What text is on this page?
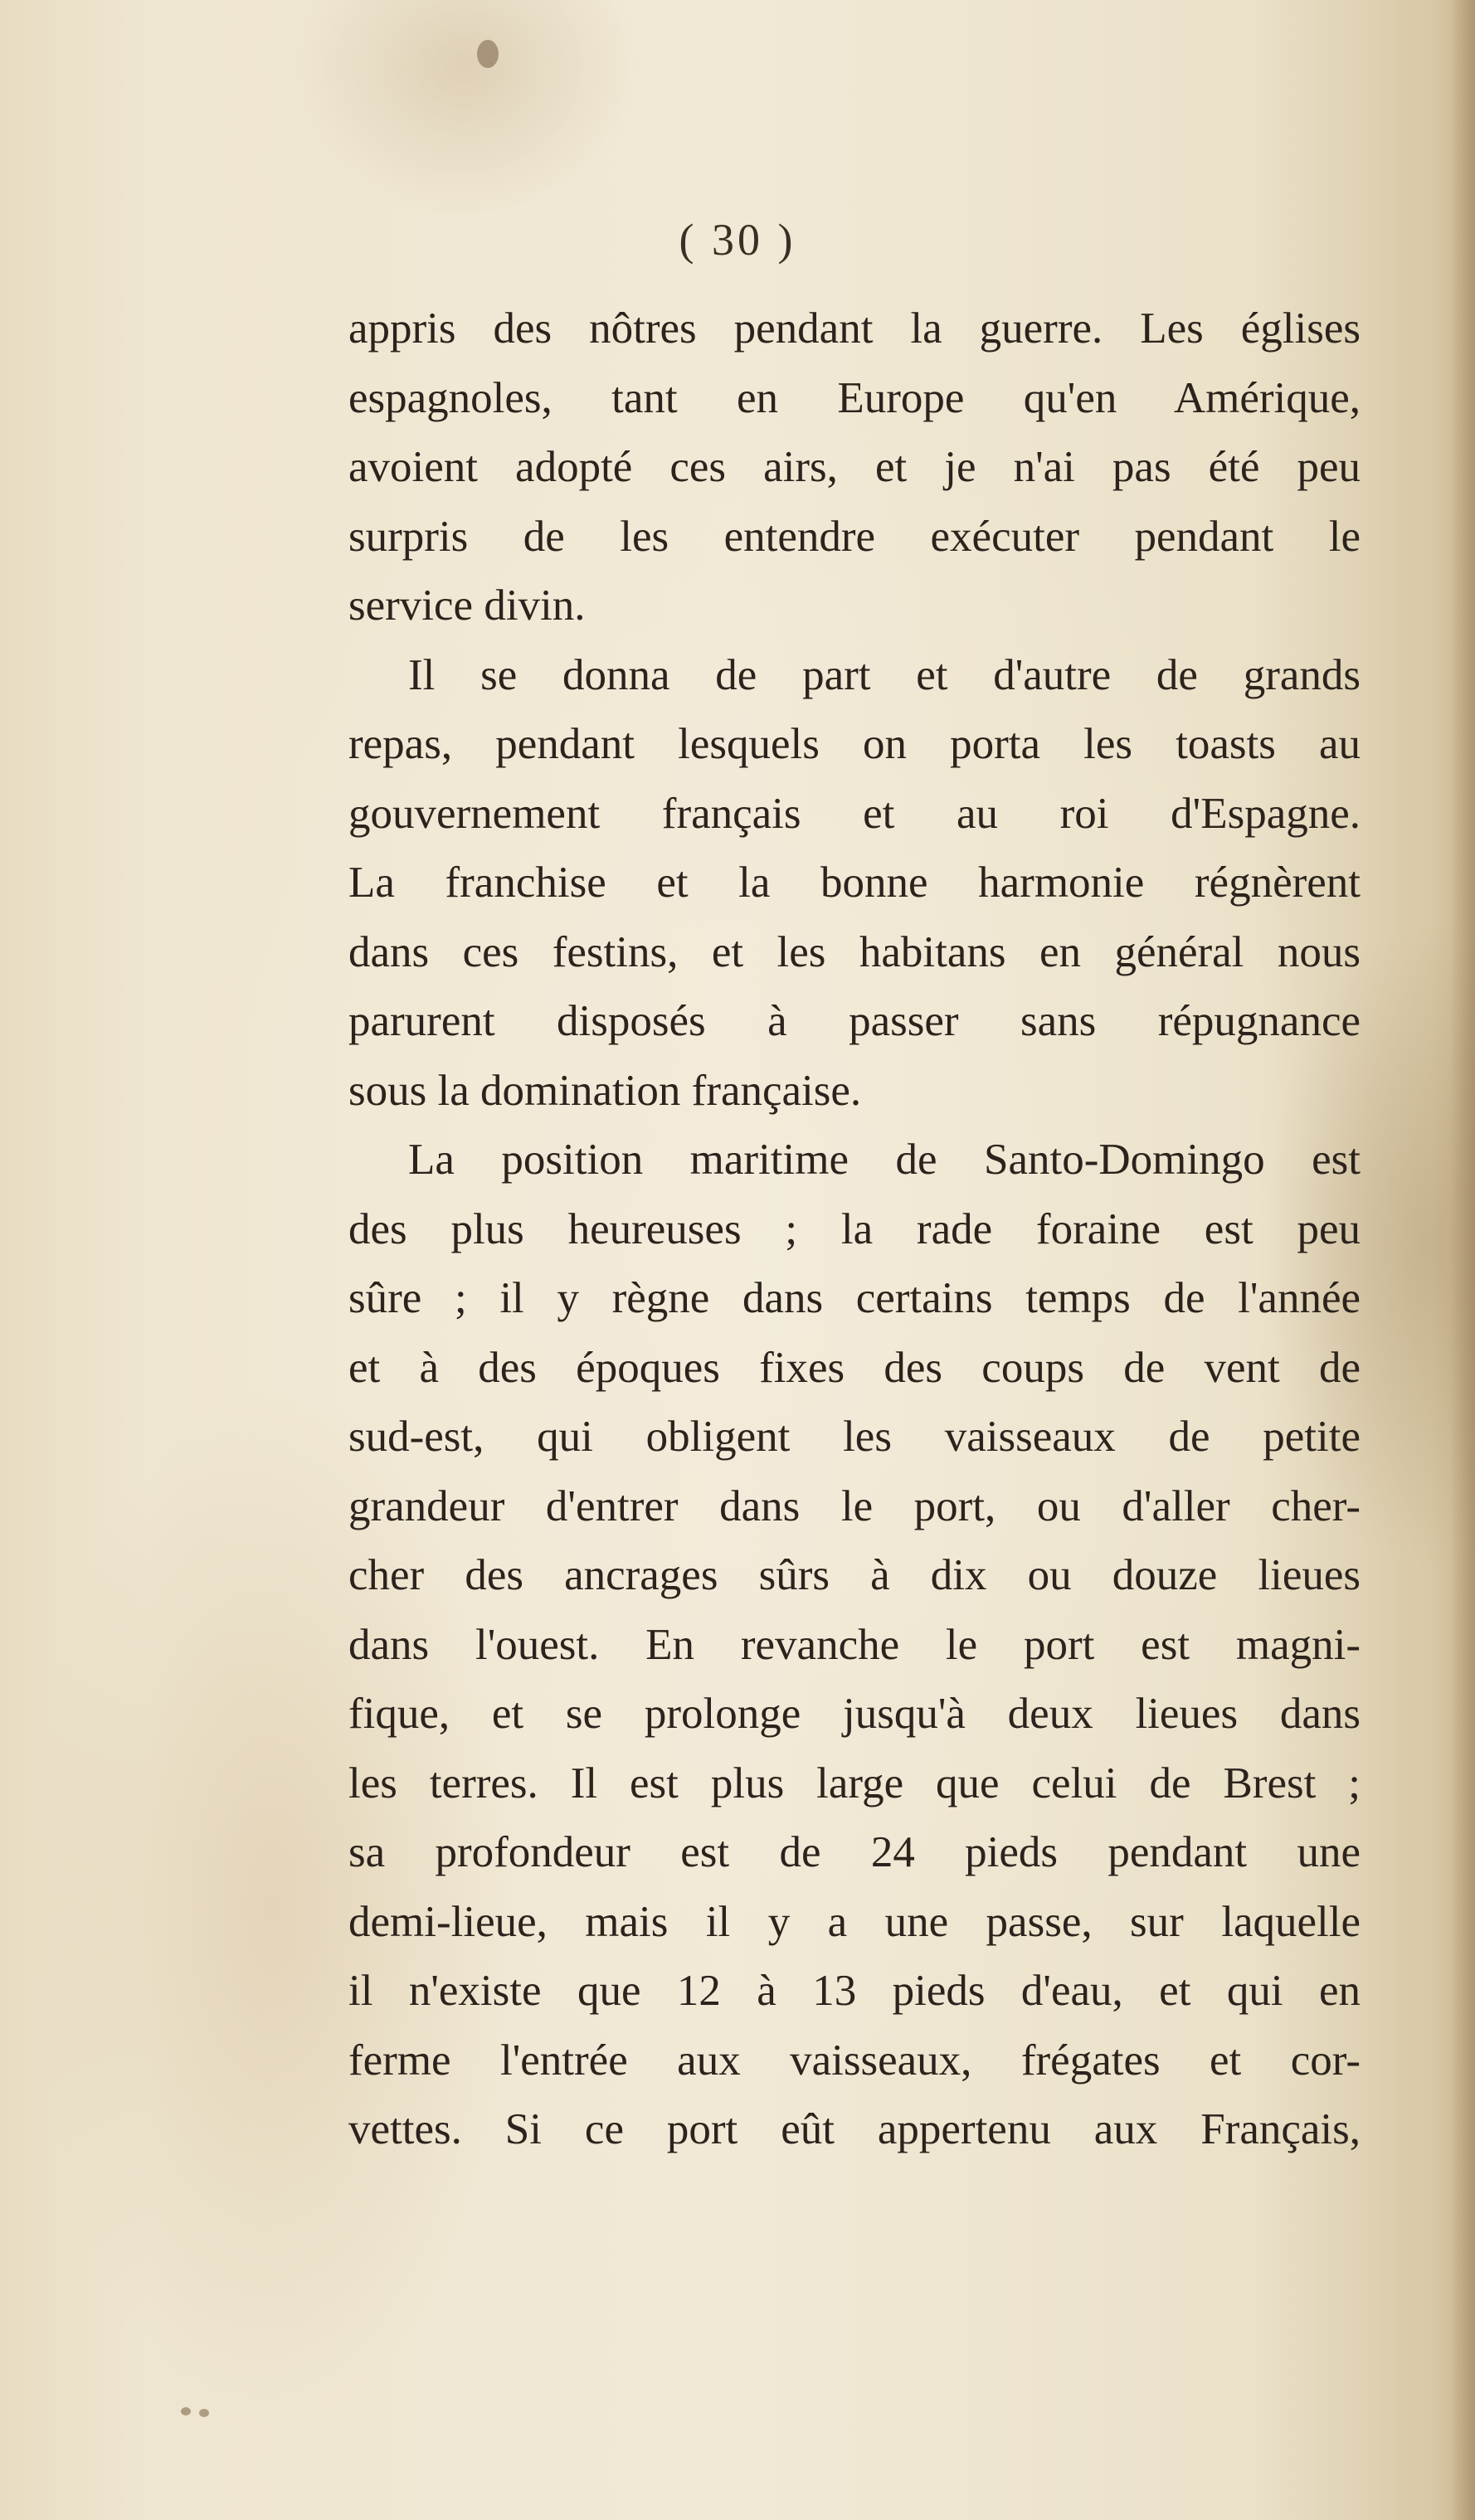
( 30 )
appris des nôtres pendant la guerre. Les églises
espagnoles, tant en Europe qu'en Amérique,
avoient adopté ces airs, et je n'ai pas été peu
surpris de les entendre exécuter pendant le
service divin.
Il se donna de part et d'autre de grands
repas, pendant lesquels on porta les toasts au
gouvernement français et au roi d'Espagne.
La franchise et la bonne harmonie régnèrent
dans ces festins, et les habitans en général nous
parurent disposés à passer sans répugnance
sous la domination française.
La position maritime de Santo-Domingo est
des plus heureuses ; la rade foraine est peu
sûre ; il y règne dans certains temps de l'année
et à des époques fixes des coups de vent de
sud-est, qui obligent les vaisseaux de petite
grandeur d'entrer dans le port, ou d'aller cher-
cher des ancrages sûrs à dix ou douze lieues
dans l'ouest. En revanche le port est magni-
fique, et se prolonge jusqu'à deux lieues dans
les terres. Il est plus large que celui de Brest ;
sa profondeur est de 24 pieds pendant une
demi-lieue, mais il y a une passe, sur laquelle
il n'existe que 12 à 13 pieds d'eau, et qui en
ferme l'entrée aux vaisseaux, frégates et cor-
vettes. Si ce port eût appertenu aux Français,
